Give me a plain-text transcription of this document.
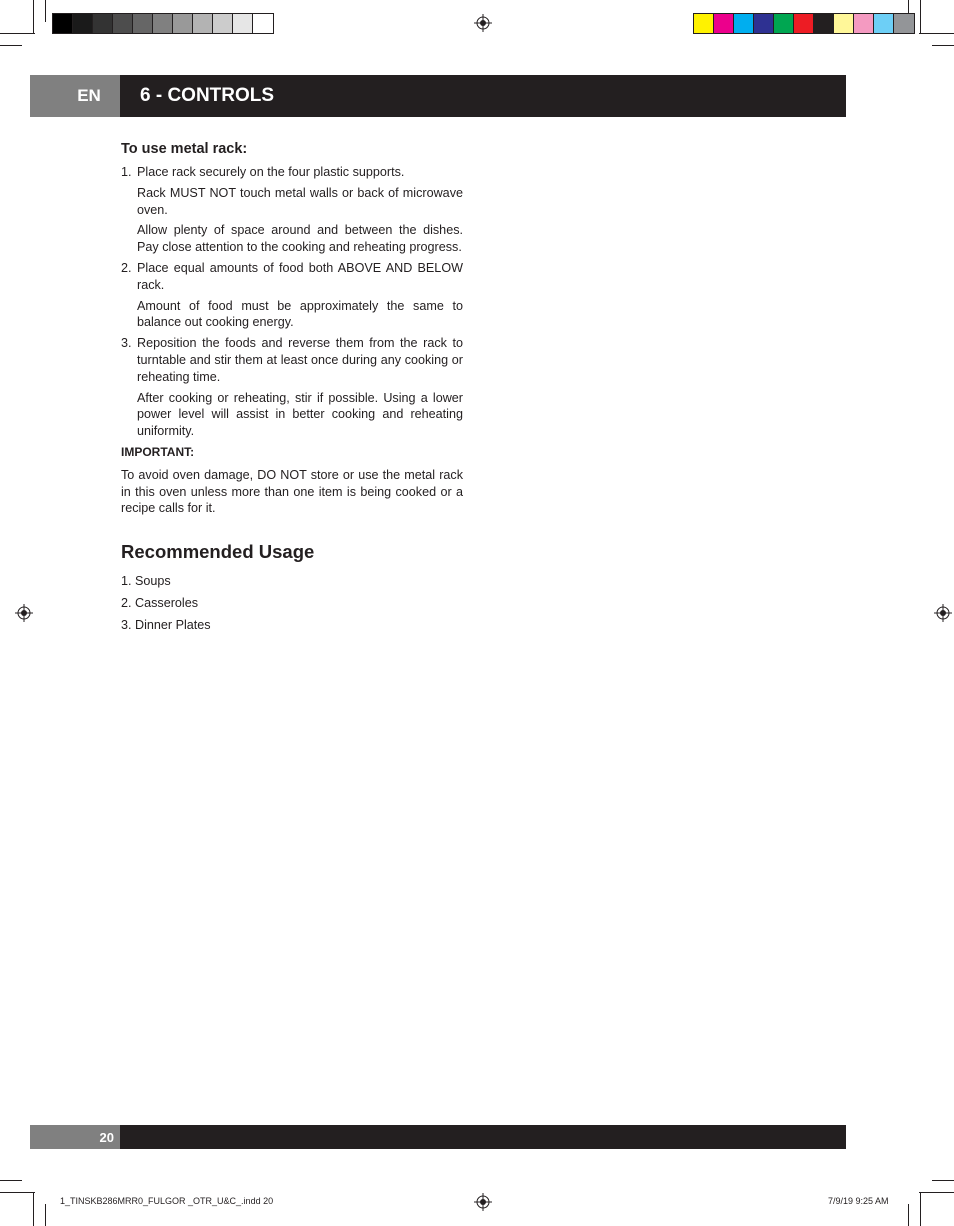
EN 6 - CONTROLS
To use metal rack:
1. Place rack securely on the four plastic supports.
Rack MUST NOT touch metal walls or back of microwave oven.
Allow plenty of space around and between the dishes. Pay close attention to the cooking and reheating progress.
2. Place equal amounts of food both ABOVE AND BELOW rack.
Amount of food must be approximately the same to balance out cooking energy.
3. Reposition the foods and reverse them from the rack to turntable and stir them at least once during any cooking or reheating time.
After cooking or reheating, stir if possible. Using a lower power level will assist in better cooking and reheating uniformity.
IMPORTANT:
To avoid oven damage, DO NOT store or use the metal rack in this oven unless more than one item is being cooked or a recipe calls for it.
Recommended Usage
1. Soups
2. Casseroles
3. Dinner Plates
20
1_TINSKB286MRR0_FULGOR _OTR_U&C_.indd 20	7/9/19 9:25 AM
